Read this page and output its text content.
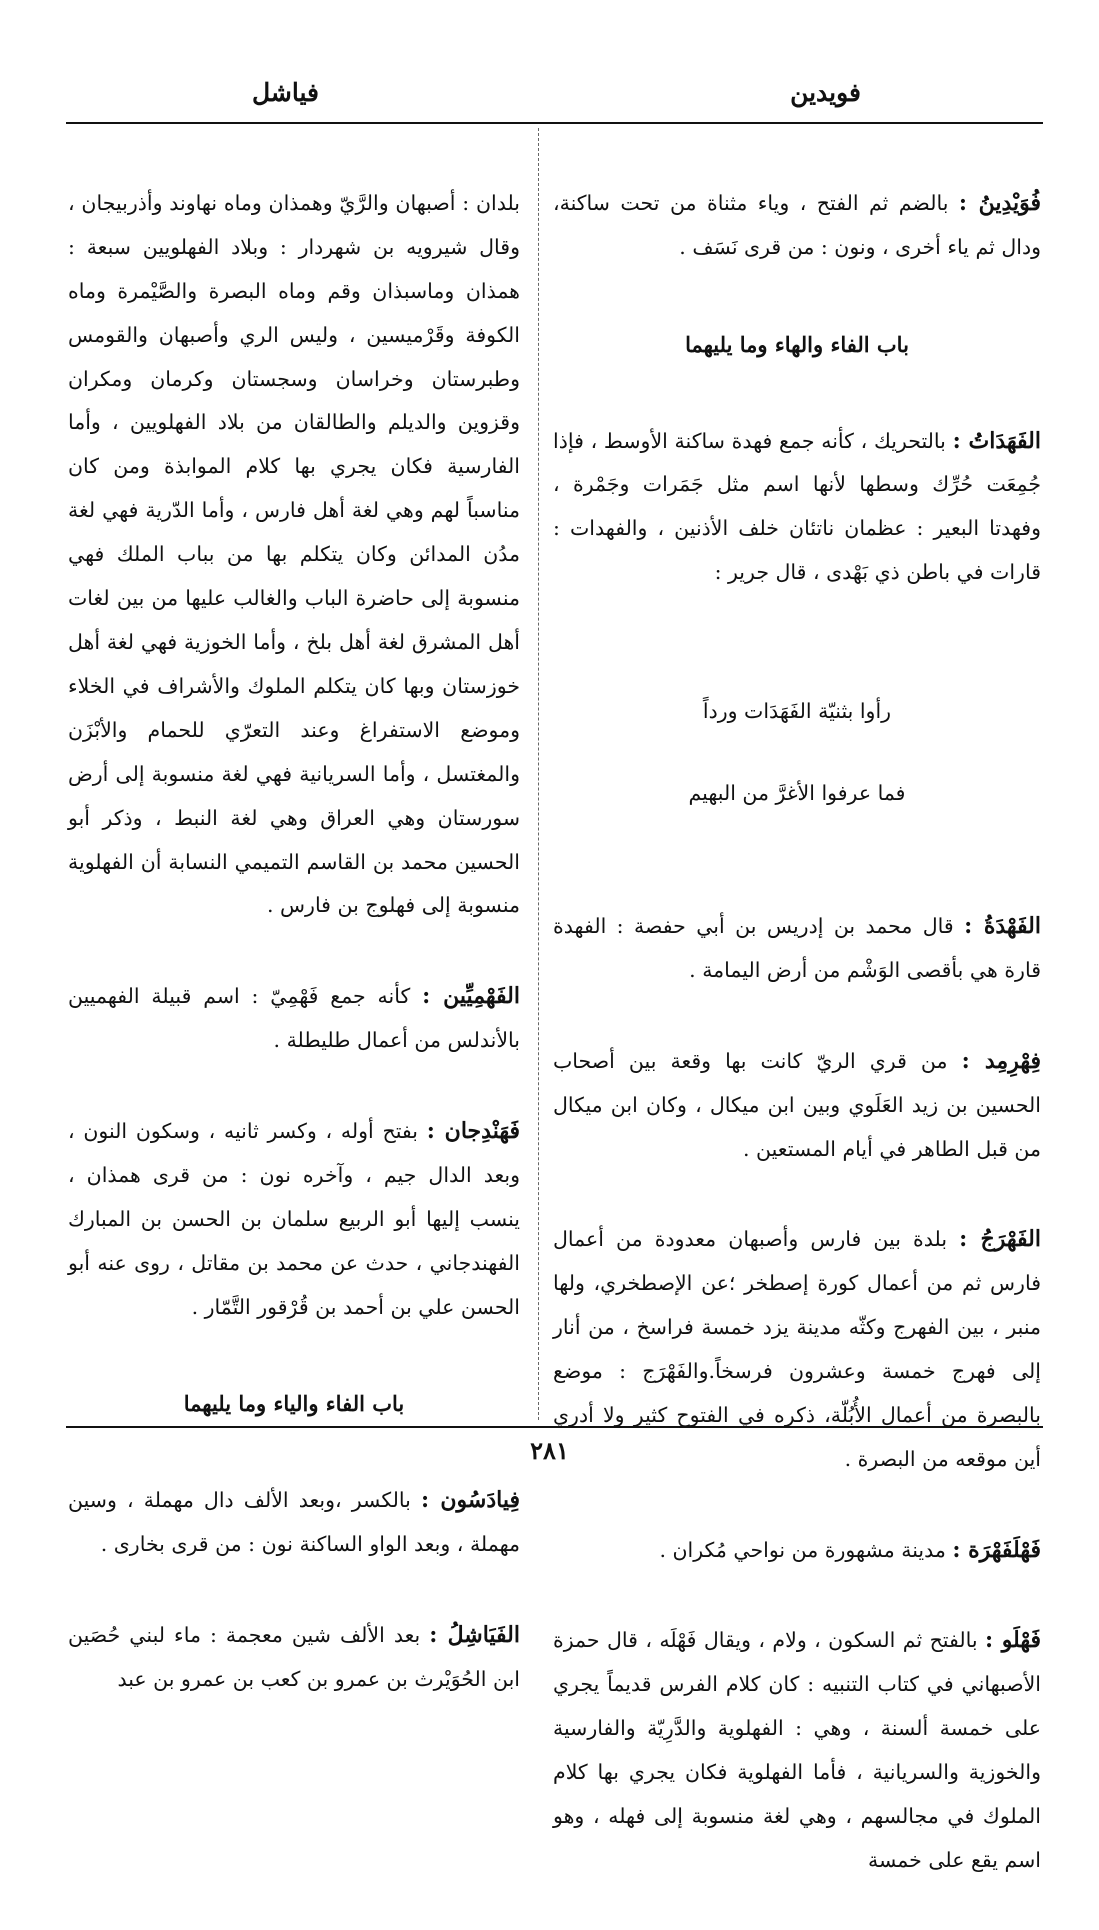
فويدين
فياشل

فُوَيْدِينُ : بالضم ثم الفتح ، وياء مثناة من تحت ساكنة، ودال ثم ياء أخرى ، ونون : من قرى نَسَف .

باب الفاء والهاء وما يليهما

الفَهَدَاتُ : بالتحريك ، كأنه جمع فهدة ساكنة الأوسط ، فإذا جُمِعَت حُرِّك وسطها لأنها اسم مثل جَمَرات وجَمْرة ، وفهدتا البعير : عظمان ناتئان خلف الأذنين ، والفهدات : قارات في باطن ذي بَهْدى ، قال جرير :

رأوا بثنيّة الفَهَدَات ورداً

فما عرفوا الأغرَّ من البهيم

الفَهْدَةُ : قال محمد بن إدريس بن أبي حفصة : الفهدة قارة هي بأقصى الوَشْم من أرض اليمامة .

فِهْرِمِد : من قري الريّ كانت بها وقعة بين أصحاب الحسين بن زيد العَلَوي وبين ابن ميكال ، وكان ابن ميكال من قبل الطاهر في أيام المستعين .

الفَهْرَجُ : بلدة بين فارس وأصبهان معدودة من أعمال فارس ثم من أعمال كورة إصطخر ؛عن الإصطخري، ولها منبر ، بين الفهرج وكثّه مدينة يزد خمسة فراسخ ، من أنار إلى فهرج خمسة وعشرون فرسخاً.والفَهْرَج : موضع بالبصرة من أعمال الأُبُلّة، ذكره في الفتوح كثير ولا أدري أين موقعه من البصرة .

فَهْلَفَهْرَة : مدينة مشهورة من نواحي مُكران .

فَهْلَو : بالفتح ثم السكون ، ولام ، ويقال فَهْلَه ، قال حمزة الأصبهاني في كتاب التنبيه : كان كلام الفرس قديماً يجري على خمسة ألسنة ، وهي : الفهلوية والدَّرِيّة والفارسية والخوزية والسريانية ، فأما الفهلوية فكان يجري بها كلام الملوك في مجالسهم ، وهي لغة منسوبة إلى فهله ، وهو اسم يقع على خمسة

بلدان : أصبهان والرَّيّ وهمذان وماه نهاوند وأذربيجان ، وقال شيرويه بن شهردار : وبلاد الفهلويين سبعة : همذان وماسبذان وقم وماه البصرة والصَّيْمرة وماه الكوفة وقَرْميسين ، وليس الري وأصبهان والقومس وطبرستان وخراسان وسجستان وكرمان ومكران وقزوين والديلم والطالقان من بلاد الفهلويين ، وأما الفارسية فكان يجري بها كلام الموابذة ومن كان مناسباً لهم وهي لغة أهل فارس ، وأما الدّرية فهي لغة مدُن المدائن وكان يتكلم بها من بباب الملك فهي منسوبة إلى حاضرة الباب والغالب عليها من بين لغات أهل المشرق لغة أهل بلخ ، وأما الخوزية فهي لغة أهل خوزستان وبها كان يتكلم الملوك والأشراف في الخلاء وموضع الاستفراغ وعند التعرّي للحمام والأبْزَن والمغتسل ، وأما السريانية فهي لغة منسوبة إلى أرض سورستان وهي العراق وهي لغة النبط ، وذكر أبو الحسين محمد بن القاسم التميمي النسابة أن الفهلوية منسوبة إلى فهلوج بن فارس .

الفَهْمِيِّين : كأنه جمع فَهْمِيّ : اسم قبيلة الفهميين بالأندلس من أعمال طليطلة .

فَهَنْدِجان : بفتح أوله ، وكسر ثانيه ، وسكون النون ، وبعد الدال جيم ، وآخره نون : من قرى همذان ، ينسب إليها أبو الربيع سلمان بن الحسن بن المبارك الفهندجاني ، حدث عن محمد بن مقاتل ، روى عنه أبو الحسن علي بن أحمد بن قُرْقور التَّمّار .

باب الفاء والياء وما يليهما

فِيادَسُون : بالكسر ،وبعد الألف دال مهملة ، وسين مهملة ، وبعد الواو الساكنة نون : من قرى بخارى .

الفَيَاشِلُ : بعد الألف شين معجمة : ماء لبني حُصَين ابن الحُوَيْرث بن عمرو بن كعب بن عمرو بن عبد

٢٨١
